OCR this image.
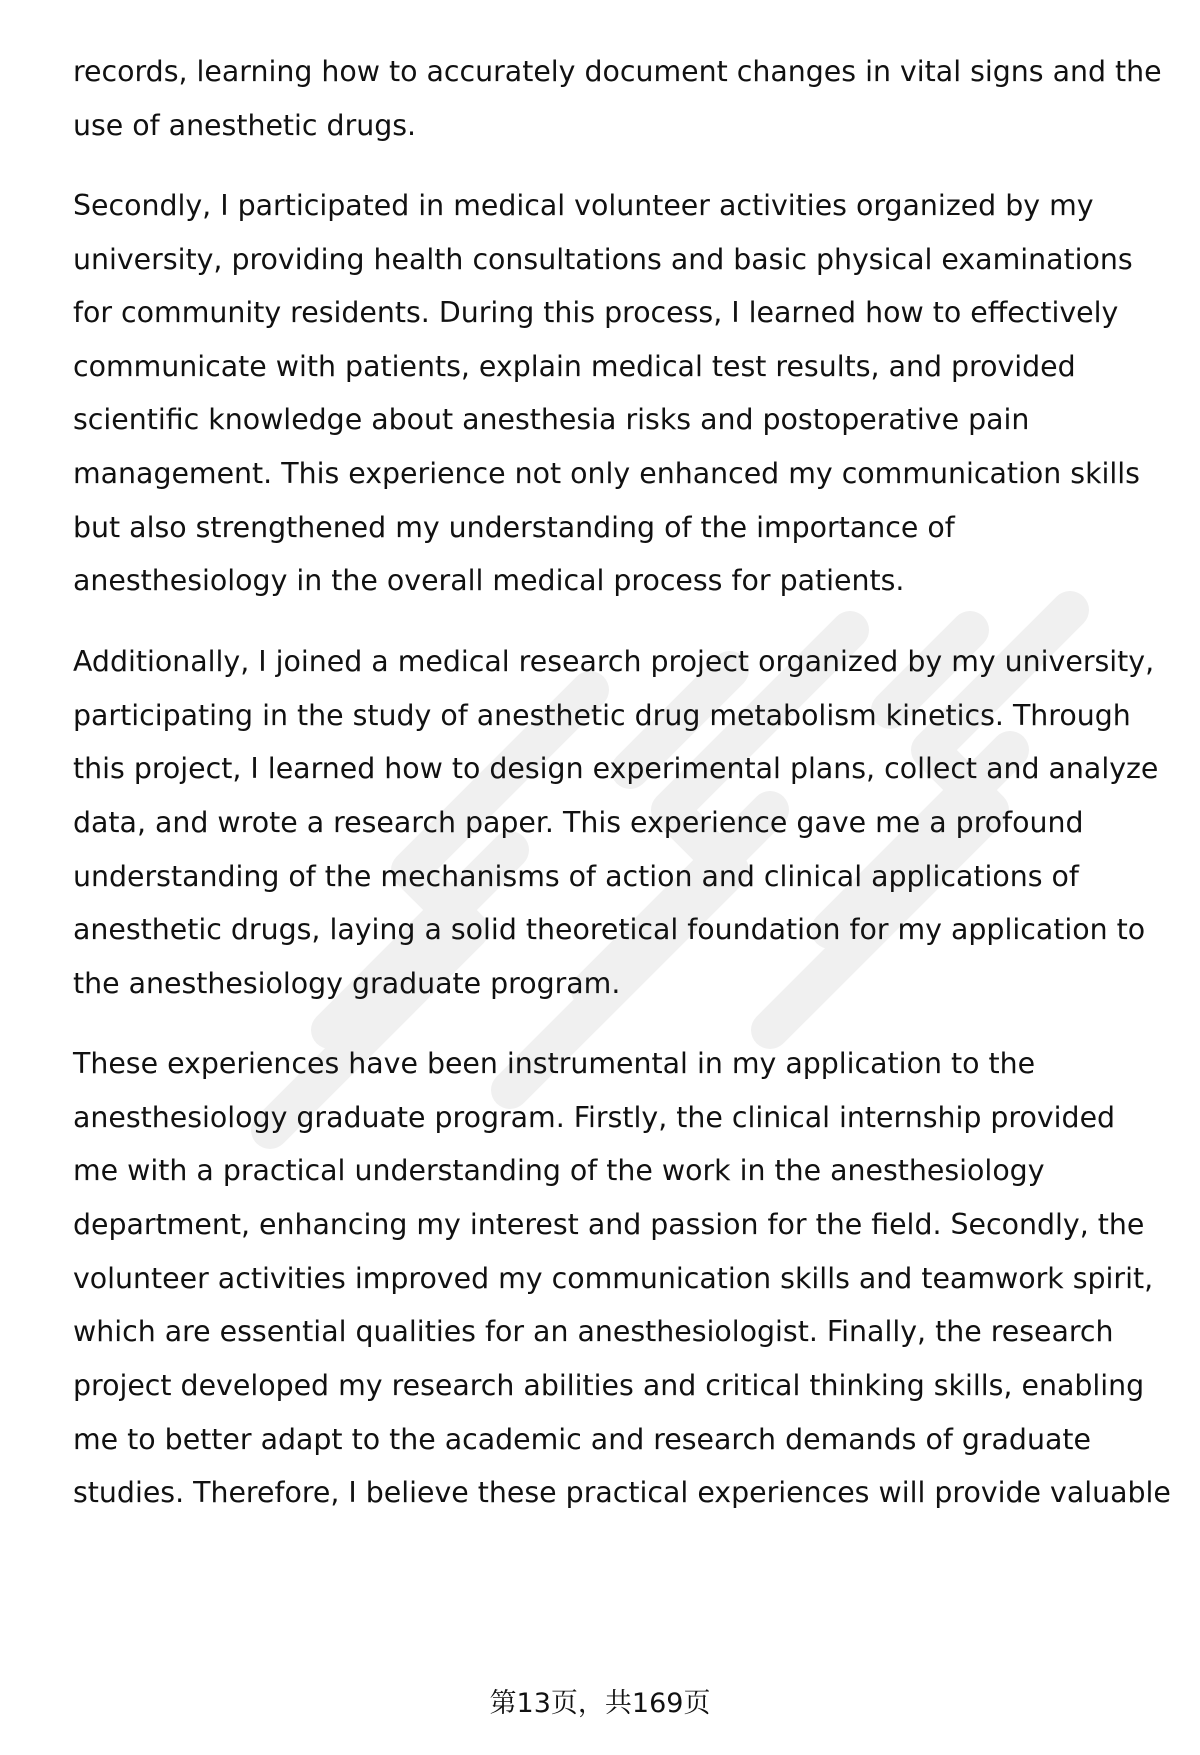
records, learning how to accurately document changes in vital signs and the
use of anesthetic drugs.
Secondly, I participated in medical volunteer activities organized by my
university, providing health consultations and basic physical examinations
for community residents. During this process, I learned how to effectively
communicate with patients, explain medical test results, and provided
scientific knowledge about anesthesia risks and postoperative pain
management. This experience not only enhanced my communication skills
but also strengthened my understanding of the importance of
anesthesiology in the overall medical process for patients.
Additionally, I joined a medical research project organized by my university,
participating in the study of anesthetic drug metabolism kinetics. Through
this project, I learned how to design experimental plans, collect and analyze
data, and wrote a research paper. This experience gave me a profound
understanding of the mechanisms of action and clinical applications of
anesthetic drugs, laying a solid theoretical foundation for my application to
the anesthesiology graduate program.
These experiences have been instrumental in my application to the
anesthesiology graduate program. Firstly, the clinical internship provided
me with a practical understanding of the work in the anesthesiology
department, enhancing my interest and passion for the field. Secondly, the
volunteer activities improved my communication skills and teamwork spirit,
which are essential qualities for an anesthesiologist. Finally, the research
project developed my research abilities and critical thinking skills, enabling
me to better adapt to the academic and research demands of graduate
studies. Therefore, I believe these practical experiences will provide valuable
第13页，共169页
